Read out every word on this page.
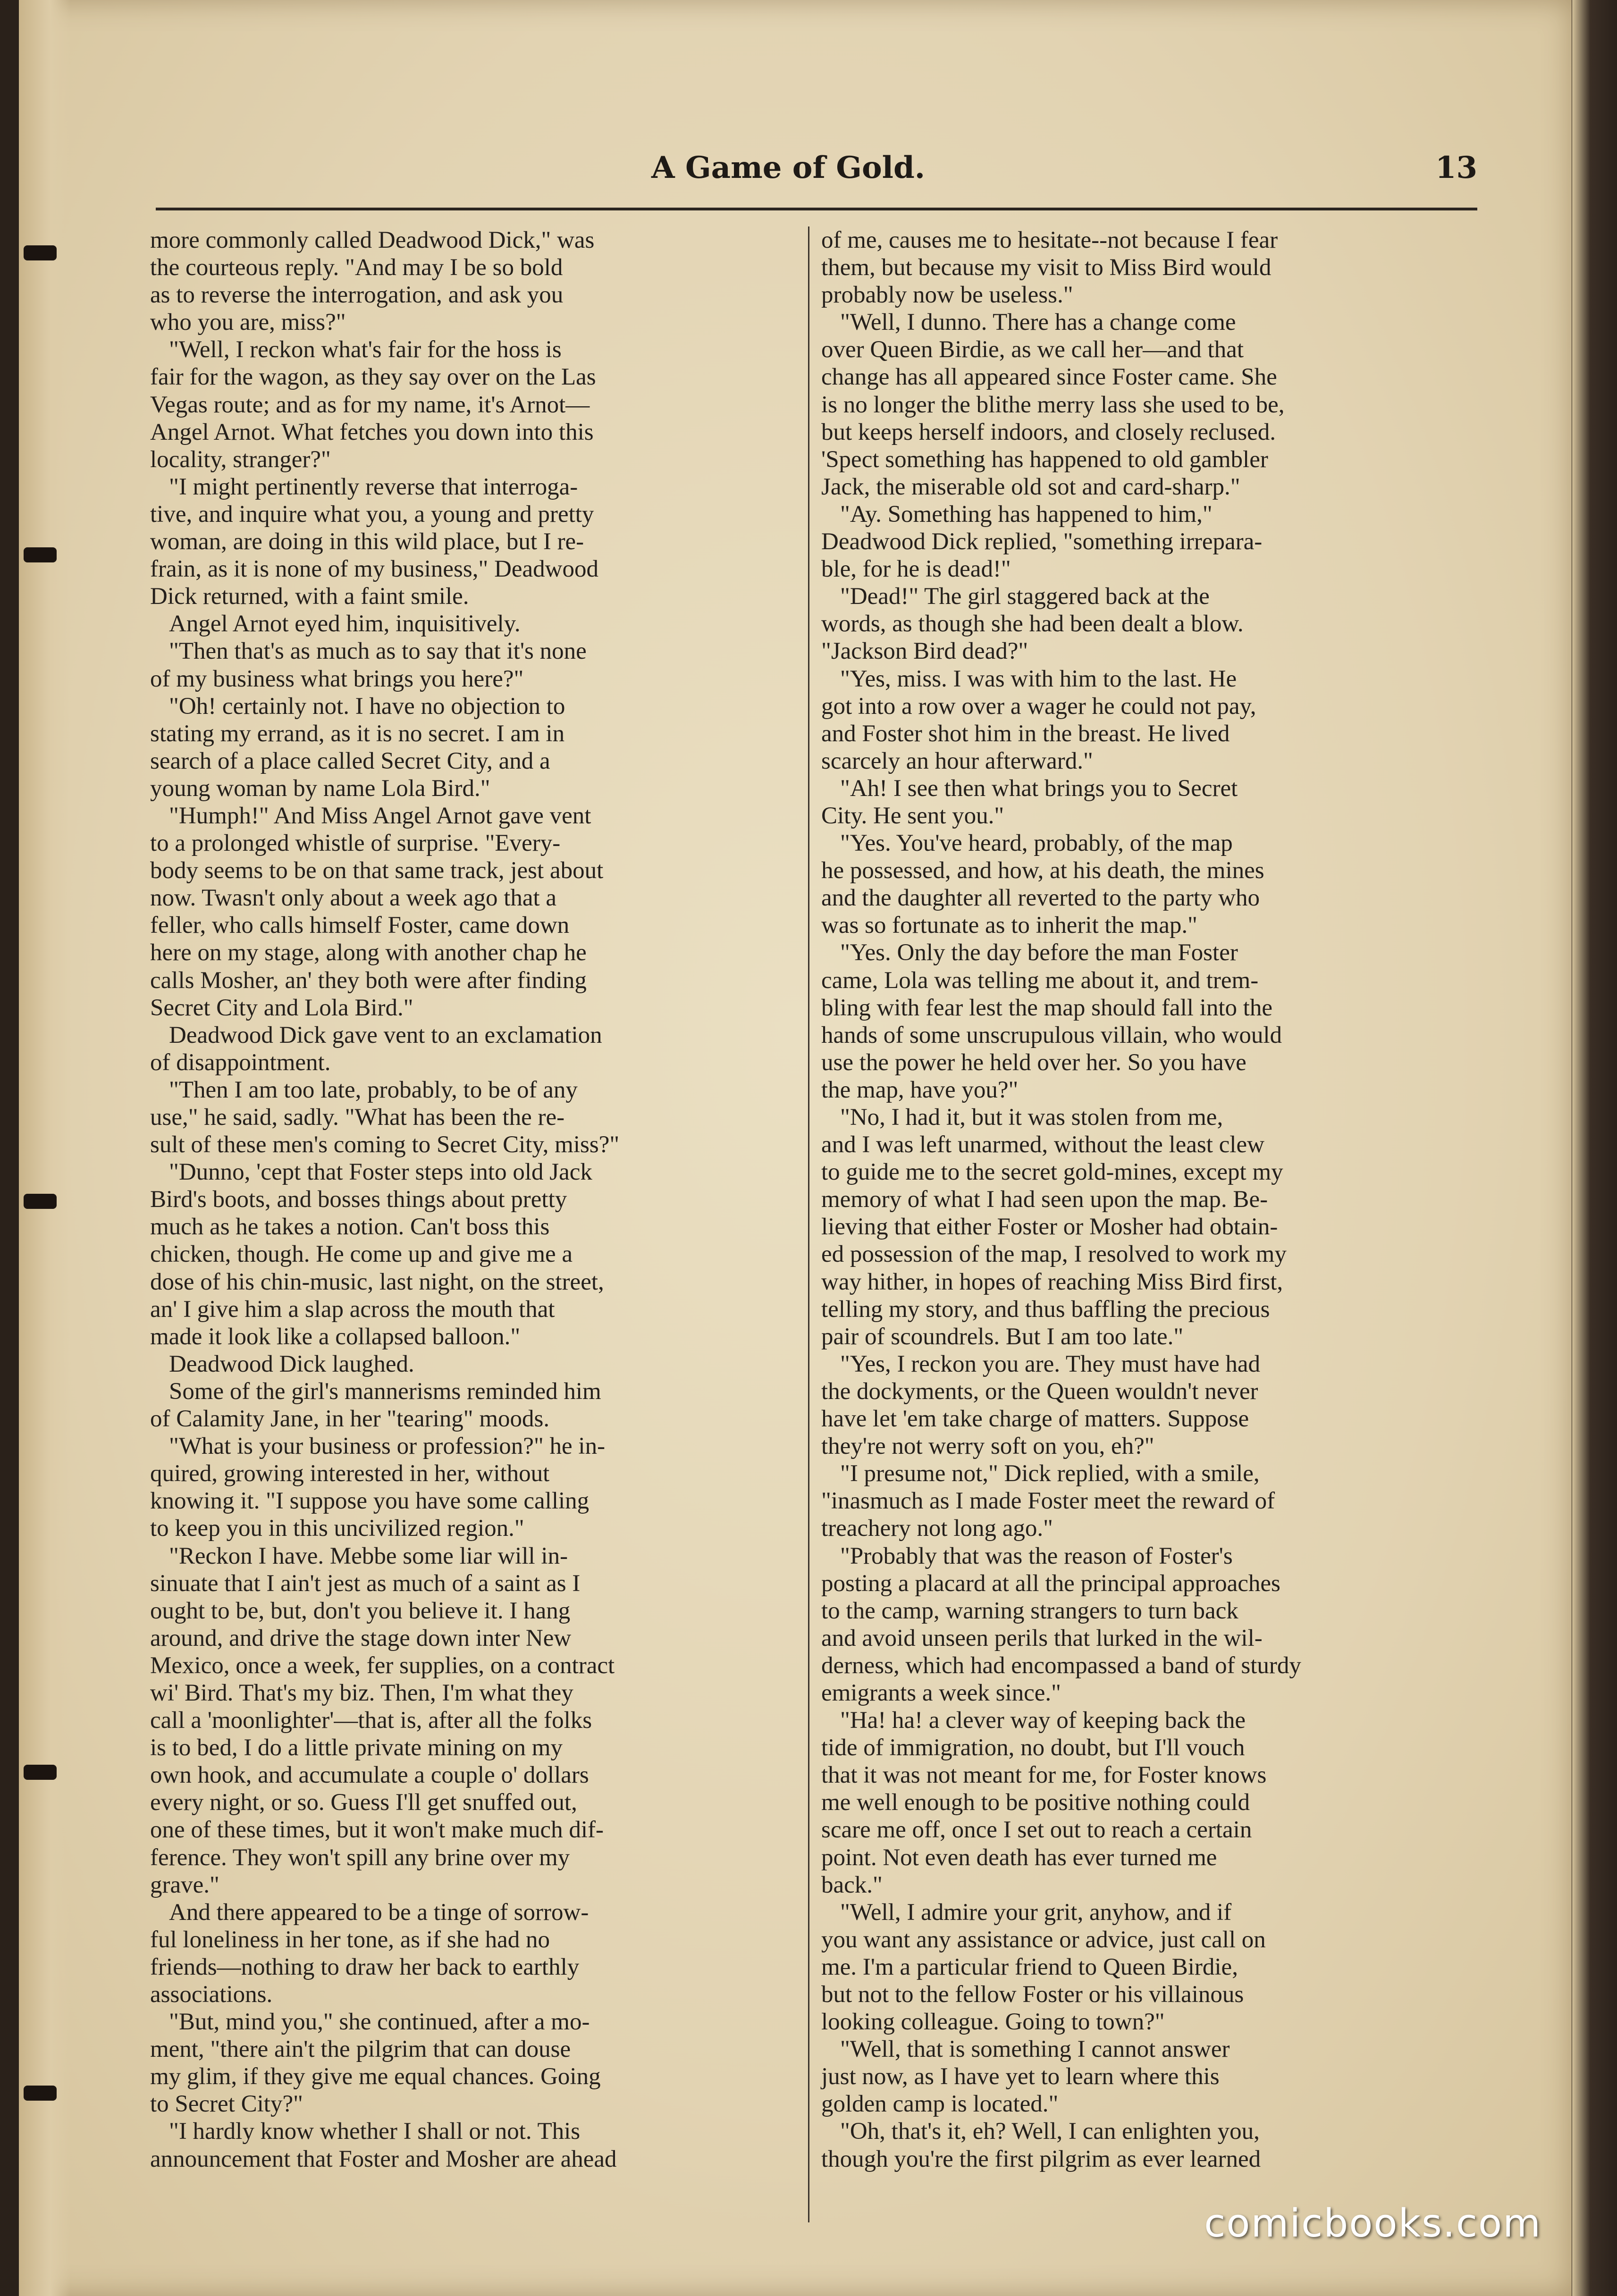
A Game of Gold.	13

more commonly called Deadwood Dick," was
the courteous reply. "And may I be so bold
as to reverse the interrogation, and ask you
who you are, miss?"

"Well, I reckon what's fair for the hoss is
fair for the wagon, as they say over on the Las
Vegas route; and as for my name, it's Arnot—
Angel Arnot. What fetches you down into this
locality, stranger?"

"I might pertinently reverse that interroga-
tive, and inquire what you, a young and pretty
woman, are doing in this wild place, but I re-
frain, as it is none of my business," Deadwood
Dick returned, with a faint smile.

Angel Arnot eyed him, inquisitively.

"Then that's as much as to say that it's none
of my business what brings you here?"

"Oh! certainly not. I have no objection to
stating my errand, as it is no secret. I am in
search of a place called Secret City, and a
young woman by name Lola Bird."

"Humph!" And Miss Angel Arnot gave vent
to a prolonged whistle of surprise. "Every-
body seems to be on that same track, jest about
now. Twasn't only about a week ago that a
feller, who calls himself Foster, came down
here on my stage, along with another chap he
calls Mosher, an' they both were after finding
Secret City and Lola Bird."

Deadwood Dick gave vent to an exclamation
of disappointment.

"Then I am too late, probably, to be of any
use," he said, sadly. "What has been the re-
sult of these men's coming to Secret City, miss?"

"Dunno, 'cept that Foster steps into old Jack
Bird's boots, and bosses things about pretty
much as he takes a notion. Can't boss this
chicken, though. He come up and give me a
dose of his chin-music, last night, on the street,
an' I give him a slap across the mouth that
made it look like a collapsed balloon."

Deadwood Dick laughed.

Some of the girl's mannerisms reminded him
of Calamity Jane, in her "tearing" moods.

"What is your business or profession?" he in-
quired, growing interested in her, without
knowing it. "I suppose you have some calling
to keep you in this uncivilized region."

"Reckon I have. Mebbe some liar will in-
sinuate that I ain't jest as much of a saint as I
ought to be, but, don't you believe it. I hang
around, and drive the stage down inter New
Mexico, once a week, fer supplies, on a contract
wi' Bird. That's my biz. Then, I'm what they
call a 'moonlighter'—that is, after all the folks
is to bed, I do a little private mining on my
own hook, and accumulate a couple o' dollars
every night, or so. Guess I'll get snuffed out,
one of these times, but it won't make much dif-
ference. They won't spill any brine over my
grave."

And there appeared to be a tinge of sorrow-
ful loneliness in her tone, as if she had no
friends—nothing to draw her back to earthly
associations.

"But, mind you," she continued, after a mo-
ment, "there ain't the pilgrim that can douse
my glim, if they give me equal chances. Going
to Secret City?"

"I hardly know whether I shall or not. This
announcement that Foster and Mosher are ahead

of me, causes me to hesitate--not because I fear
them, but because my visit to Miss Bird would
probably now be useless."

"Well, I dunno. There has a change come
over Queen Birdie, as we call her—and that
change has all appeared since Foster came. She
is no longer the blithe merry lass she used to be,
but keeps herself indoors, and closely reclused.
'Spect something has happened to old gambler
Jack, the miserable old sot and card-sharp."

"Ay. Something has happened to him,"
Deadwood Dick replied, "something irrepara-
ble, for he is dead!"

"Dead!" The girl staggered back at the
words, as though she had been dealt a blow.
"Jackson Bird dead?"

"Yes, miss. I was with him to the last. He
got into a row over a wager he could not pay,
and Foster shot him in the breast. He lived
scarcely an hour afterward."

"Ah! I see then what brings you to Secret
City. He sent you."

"Yes. You've heard, probably, of the map
he possessed, and how, at his death, the mines
and the daughter all reverted to the party who
was so fortunate as to inherit the map."

"Yes. Only the day before the man Foster
came, Lola was telling me about it, and trem-
bling with fear lest the map should fall into the
hands of some unscrupulous villain, who would
use the power he held over her. So you have
the map, have you?"

"No, I had it, but it was stolen from me,
and I was left unarmed, without the least clew
to guide me to the secret gold-mines, except my
memory of what I had seen upon the map. Be-
lieving that either Foster or Mosher had obtain-
ed possession of the map, I resolved to work my
way hither, in hopes of reaching Miss Bird first,
telling my story, and thus baffling the precious
pair of scoundrels. But I am too late."

"Yes, I reckon you are. They must have had
the dockyments, or the Queen wouldn't never
have let 'em take charge of matters. Suppose
they're not werry soft on you, eh?"

"I presume not," Dick replied, with a smile,
"inasmuch as I made Foster meet the reward of
treachery not long ago."

"Probably that was the reason of Foster's
posting a placard at all the principal approaches
to the camp, warning strangers to turn back
and avoid unseen perils that lurked in the wil-
derness, which had encompassed a band of sturdy
emigrants a week since."

"Ha! ha! a clever way of keeping back the
tide of immigration, no doubt, but I'll vouch
that it was not meant for me, for Foster knows
me well enough to be positive nothing could
scare me off, once I set out to reach a certain
point. Not even death has ever turned me
back."

"Well, I admire your grit, anyhow, and if
you want any assistance or advice, just call on
me. I'm a particular friend to Queen Birdie,
but not to the fellow Foster or his villainous
looking colleague. Going to town?"

"Well, that is something I cannot answer
just now, as I have yet to learn where this
golden camp is located."

"Oh, that's it, eh? Well, I can enlighten you,
though you're the first pilgrim as ever learned

comicbooks.com
